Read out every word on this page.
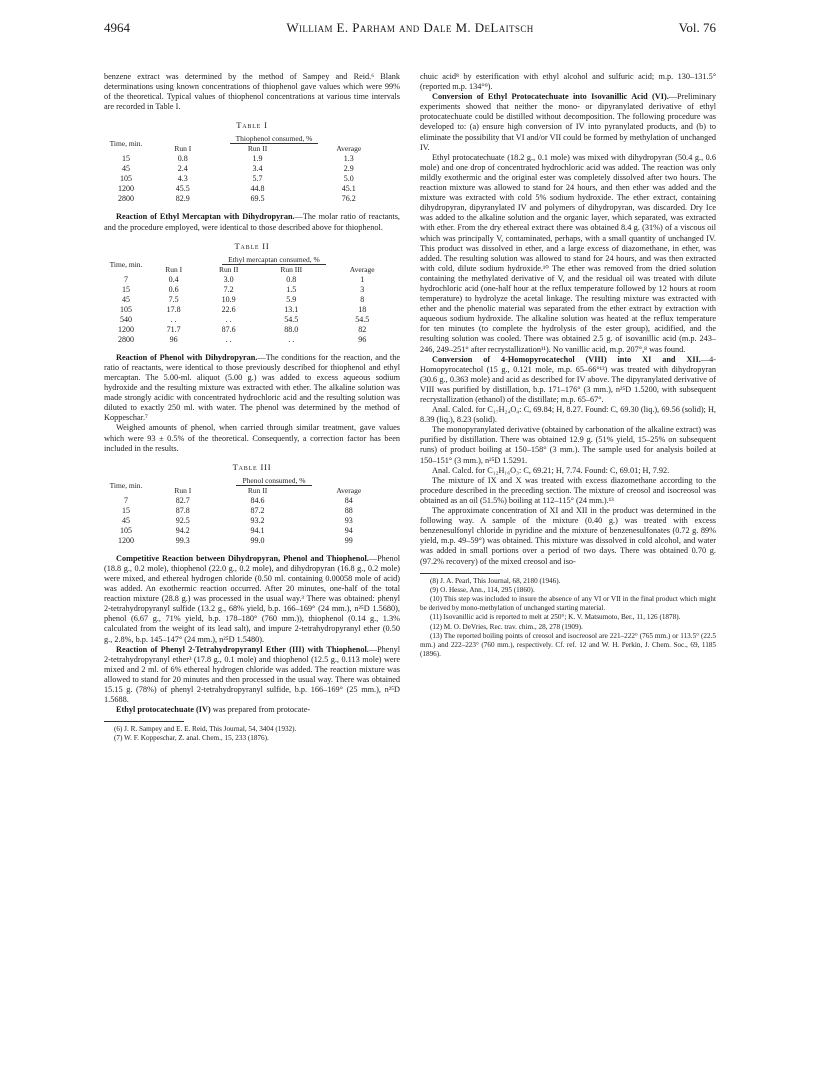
4964	William E. Parham and Dale M. DeLaitsch	Vol. 76

benzene extract was determined by the method of Sampey and Reid.⁶ Blank determinations using known concentrations of thiophenol gave values which were 99% of the theoretical. Typical values of thiophenol concentrations at various time intervals are recorded in Table I.

Table I
Time, min.	Thiophenol consumed, %		
	Run I	Run II	Average
15	0.8	1.9	1.3
45	2.4	3.4	2.9
105	4.3	5.7	5.0
1200	45.5	44.8	45.1
2800	82.9	69.5	76.2

Reaction of Ethyl Mercaptan with Dihydropyran.—The molar ratio of reactants, and the procedure employed, were identical to those described above for thiophenol.

Table II
Time, min.	Ethyl mercaptan consumed, %			
	Run I	Run II	Run III	Average
7	0.4	3.0	0.8	1
15	0.6	7.2	1.5	3
45	7.5	10.9	5.9	8
105	17.8	22.6	13.1	18
540	. .	. .	54.5	54.5
1200	71.7	87.6	88.0	82
2800	96	. .	. .	96

Reaction of Phenol with Dihydropyran.—The conditions for the reaction, and the ratio of reactants, were identical to those previously described for thiophenol and ethyl mercaptan. The 5.00-ml. aliquot (5.00 g.) was added to excess aqueous sodium hydroxide and the resulting mixture was extracted with ether. The alkaline solution was made strongly acidic with concentrated hydrochloric acid and the resulting solution was diluted to exactly 250 ml. with water. The phenol was determined by the method of Koppeschar.⁷

Weighed amounts of phenol, when carried through similar treatment, gave values which were 93 ± 0.5% of the theoretical. Consequently, a correction factor has been included in the results.

Table III
Time, min.	Phenol consumed, %		
	Run I	Run II	Average
7	82.7	84.6	84
15	87.8	87.2	88
45	92.5	93.2	93
105	94.2	94.1	94
1200	99.3	99.0	99

Competitive Reaction between Dihydropyran, Phenol and Thiophenol.—Phenol (18.8 g., 0.2 mole), thiophenol (22.0 g., 0.2 mole), and dihydropyran (16.8 g., 0.2 mole) were mixed, and ethereal hydrogen chloride (0.50 ml. containing 0.00058 mole of acid) was added. An exothermic reaction occurred. After 20 minutes, one-half of the total reaction mixture (28.8 g.) was processed in the usual way.³ There was obtained: phenyl 2-tetrahydropyranyl sulfide (13.2 g., 68% yield, b.p. 166–169° (24 mm.), n²⁵D 1.5680), phenol (6.67 g., 71% yield, b.p. 178–180° (760 mm.)), thiophenol (0.14 g., 1.3% calculated from the weight of its lead salt), and impure 2-tetrahydropyranyl ether (0.50 g., 2.8%, b.p. 145–147° (24 mm.), n²⁵D 1.5480).

Reaction of Phenyl 2-Tetrahydropyranyl Ether (III) with Thiophenol.—Phenyl 2-tetrahydropyranyl ether³ (17.8 g., 0.1 mole) and thiophenol (12.5 g., 0.113 mole) were mixed and 2 ml. of 6% ethereal hydrogen chloride was added. The reaction mixture was allowed to stand for 20 minutes and then processed in the usual way. There was obtained 15.15 g. (78%) of phenyl 2-tetrahydropyranyl sulfide, b.p. 166–169° (25 mm.), n²⁵D 1.5688.

Ethyl protocatechuate (IV) was prepared from protocate-

(6) J. R. Sampey and E. E. Reid, This Journal, 54, 3404 (1932).

(7) W. F. Koppeschar, Z. anal. Chem., 15, 233 (1876).

chuic acid⁸ by esterification with ethyl alcohol and sulfuric acid; m.p. 130–131.5° (reported m.p. 134°⁹).

Conversion of Ethyl Protocatechuate into Isovanillic Acid (VI).—Preliminary experiments showed that neither the mono- or dipyranylated derivative of ethyl protocatechuate could be distilled without decomposition. The following procedure was developed to: (a) ensure high conversion of IV into pyranylated products, and (b) to eliminate the possibility that VI and/or VII could be formed by methylation of unchanged IV.

Ethyl protocatechuate (18.2 g., 0.1 mole) was mixed with dihydropyran (50.4 g., 0.6 mole) and one drop of concentrated hydrochloric acid was added. The reaction was only mildly exothermic and the original ester was completely dissolved after two hours. The reaction mixture was allowed to stand for 24 hours, and then ether was added and the mixture was extracted with cold 5% sodium hydroxide. The ether extract, containing dihydropyran, dipyranylated IV and polymers of dihydropyran, was discarded. Dry Ice was added to the alkaline solution and the organic layer, which separated, was extracted with ether. From the dry ethereal extract there was obtained 8.4 g. (31%) of a viscous oil which was principally V, contaminated, perhaps, with a small quantity of unchanged IV. This product was dissolved in ether, and a large excess of diazomethane, in ether, was added. The resulting solution was allowed to stand for 24 hours, and was then extracted with cold, dilute sodium hydroxide.¹⁰ The ether was removed from the dried solution containing the methylated derivative of V, and the residual oil was treated with dilute hydrochloric acid (one-half hour at the reflux temperature followed by 12 hours at room temperature) to hydrolyze the acetal linkage. The resulting mixture was extracted with ether and the phenolic material was separated from the ether extract by extraction with aqueous sodium hydroxide. The alkaline solution was heated at the reflux temperature for ten minutes (to complete the hydrolysis of the ester group), acidified, and the resulting solution was cooled. There was obtained 2.5 g. of isovanillic acid (m.p. 243–246, 249–251° after recrystallization¹¹). No vanillic acid, m.p. 207°,⁸ was found.

Conversion of 4-Homopyrocatechol (VIII) into XI and XII.—4-Homopyrocatechol (15 g., 0.121 mole, m.p. 65–66°¹²) was treated with dihydropyran (30.6 g., 0.363 mole) and acid as described for IV above. The dipyranylated derivative of VIII was purified by distillation, b.p. 171–176° (3 mm.), n²⁵D 1.5200, with subsequent recrystallization (ethanol) of the distillate; m.p. 65–67°.

Anal. Calcd. for C₁₇H₂₄O₄: C, 69.84; H, 8.27. Found: C, 69.30 (liq.), 69.56 (solid); H, 8.39 (liq.), 8.23 (solid).

The monopyranylated derivative (obtained by carbonation of the alkaline extract) was purified by distillation. There was obtained 12.9 g. (51% yield, 15–25% on subsequent runs) of product boiling at 150–158° (3 mm.). The sample used for analysis boiled at 150–151° (3 mm.), n²⁵D 1.5291.

Anal. Calcd. for C₁₂H₁₆O₃: C, 69.21; H, 7.74. Found: C, 69.01; H, 7.92.

The mixture of IX and X was treated with excess diazomethane according to the procedure described in the preceding section. The mixture of creosol and isocreosol was obtained as an oil (51.5%) boiling at 112–115° (24 mm.).¹³

The approximate concentration of XI and XII in the product was determined in the following way. A sample of the mixture (0.40 g.) was treated with excess benzenesulfonyl chloride in pyridine and the mixture of benzenesulfonates (0.72 g. 89% yield, m.p. 49–59°) was obtained. This mixture was dissolved in cold alcohol, and water was added in small portions over a period of two days. There was obtained 0.70 g. (97.2% recovery) of the mixed creosol and iso-

(8) J. A. Pearl, This Journal, 68, 2180 (1946).

(9) O. Hesse, Ann., 114, 295 (1860).

(10) This step was included to insure the absence of any VI or VII in the final product which might be derived by mono-methylation of unchanged starting material.

(11) Isovanillic acid is reported to melt at 250°; K. V. Matsumoto, Ber., 11, 126 (1878).

(12) M. O. DeVries, Rec. trav. chim., 28, 278 (1909).

(13) The reported boiling points of creosol and isocreosol are 221–222° (765 mm.) or 113.5° (22.5 mm.) and 222–223° (760 mm.), respectively. Cf. ref. 12 and W. H. Perkin, J. Chem. Soc., 69, 1185 (1896).
